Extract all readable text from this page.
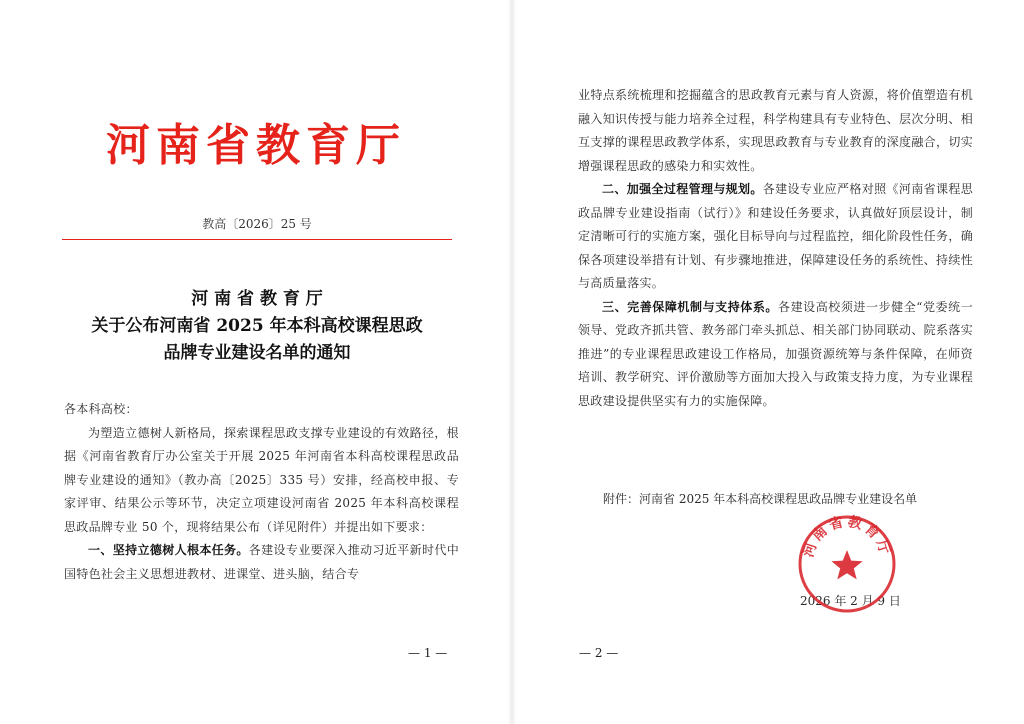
河南省教育厅
教高〔2026〕25 号
河 南 省 教 育 厅
关于公布河南省 2025 年本科高校课程思政
品牌专业建设名单的通知

各本科高校：

为塑造立德树人新格局，探索课程思政支撑专业建设的有效路径，根据《河南省教育厅办公室关于开展 2025 年河南省本科高校课程思政品牌专业建设的通知》（教办高〔2025〕335 号）安排，经高校申报、专家评审、结果公示等环节，决定立项建设河南省 2025 年本科高校课程思政品牌专业 50 个，现将结果公布（详见附件）并提出如下要求：

一、坚持立德树人根本任务。各建设专业要深入推动习近平新时代中国特色社会主义思想进教材、进课堂、进头脑，结合专

— 1 —

业特点系统梳理和挖掘蕴含的思政教育元素与育人资源，将价值塑造有机融入知识传授与能力培养全过程，科学构建具有专业特色、层次分明、相互支撑的课程思政教学体系，实现思政教育与专业教育的深度融合，切实增强课程思政的感染力和实效性。

二、加强全过程管理与规划。各建设专业应严格对照《河南省课程思政品牌专业建设指南（试行）》和建设任务要求，认真做好顶层设计，制定清晰可行的实施方案，强化目标导向与过程监控，细化阶段性任务，确保各项建设举措有计划、有步骤地推进，保障建设任务的系统性、持续性与高质量落实。

三、完善保障机制与支持体系。各建设高校须进一步健全“党委统一领导、党政齐抓共管、教务部门牵头抓总、相关部门协同联动、院系落实推进”的专业课程思政建设工作格局，加强资源统筹与条件保障，在师资培训、教学研究、评价激励等方面加大投入与政策支持力度，为专业课程思政建设提供坚实有力的实施保障。

附件：河南省 2025 年本科高校课程思政品牌专业建设名单
2026 年 2 月 9 日
河南省教育厅
— 2 —
